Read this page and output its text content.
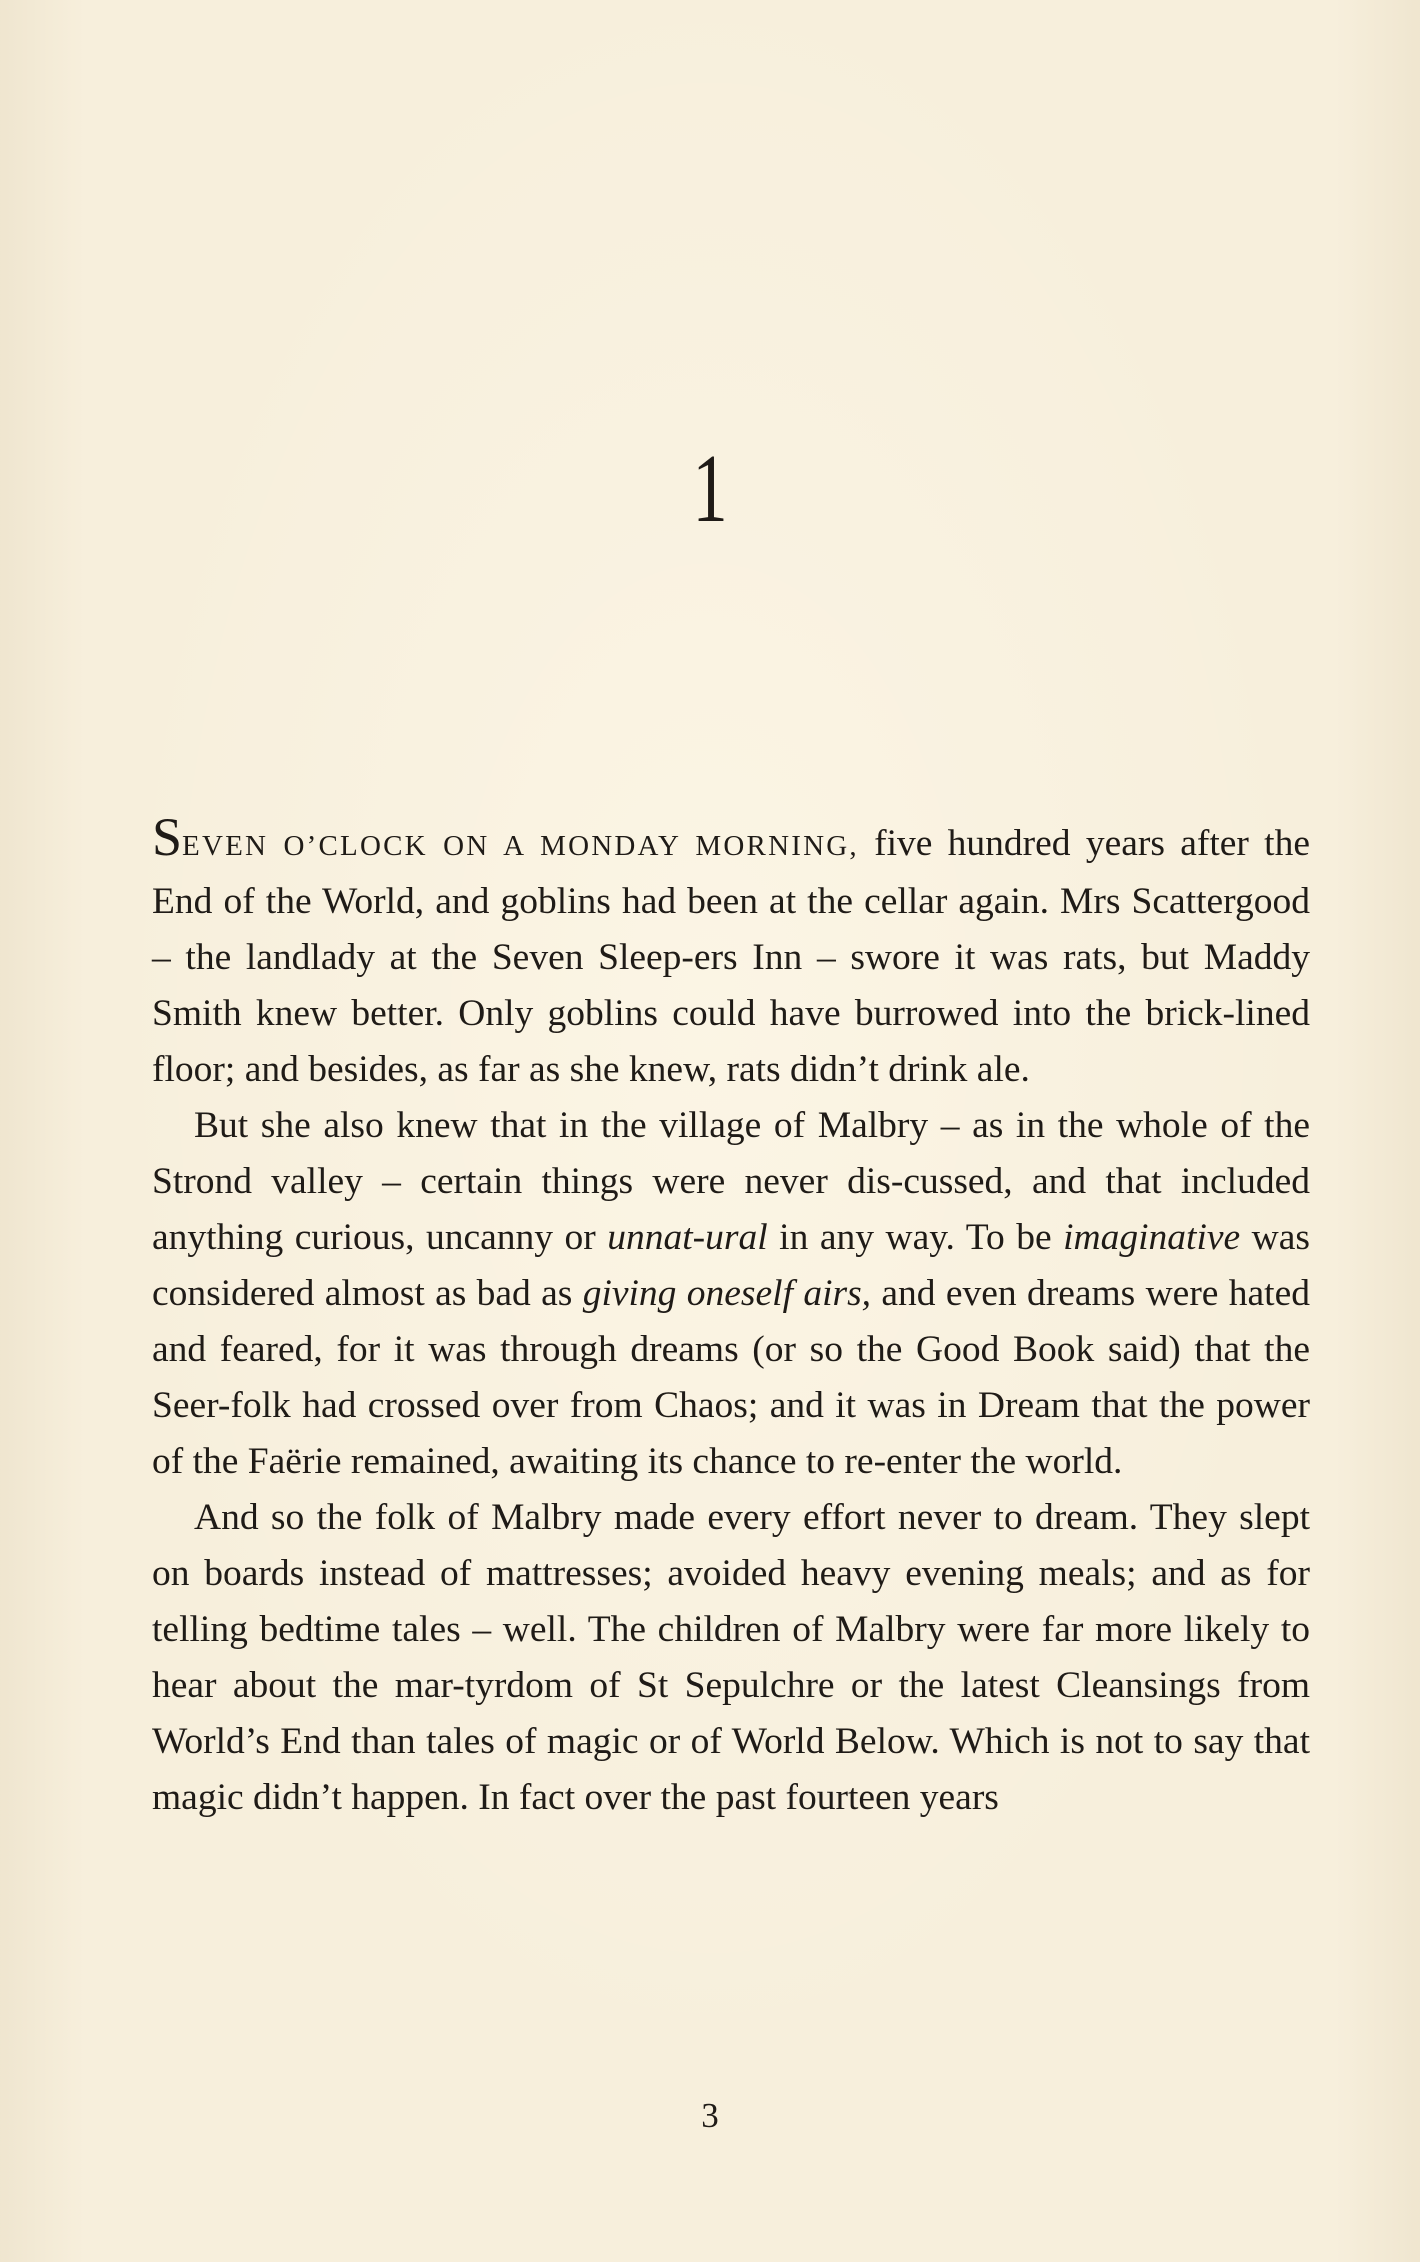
1

SEVEN O’CLOCK ON A MONDAY MORNING, five hundred years after the End of the World, and goblins had been at the cellar again. Mrs Scattergood – the landlady at the Seven Sleep-ers Inn – swore it was rats, but Maddy Smith knew better. Only goblins could have burrowed into the brick-lined floor; and besides, as far as she knew, rats didn’t drink ale.

But she also knew that in the village of Malbry – as in the whole of the Strond valley – certain things were never dis-cussed, and that included anything curious, uncanny or unnat-ural in any way. To be imaginative was considered almost as bad as giving oneself airs, and even dreams were hated and feared, for it was through dreams (or so the Good Book said) that the Seer-folk had crossed over from Chaos; and it was in Dream that the power of the Faërie remained, awaiting its chance to re-enter the world.

And so the folk of Malbry made every effort never to dream. They slept on boards instead of mattresses; avoided heavy evening meals; and as for telling bedtime tales – well. The children of Malbry were far more likely to hear about the mar-tyrdom of St Sepulchre or the latest Cleansings from World’s End than tales of magic or of World Below. Which is not to say that magic didn’t happen. In fact over the past fourteen years

3
